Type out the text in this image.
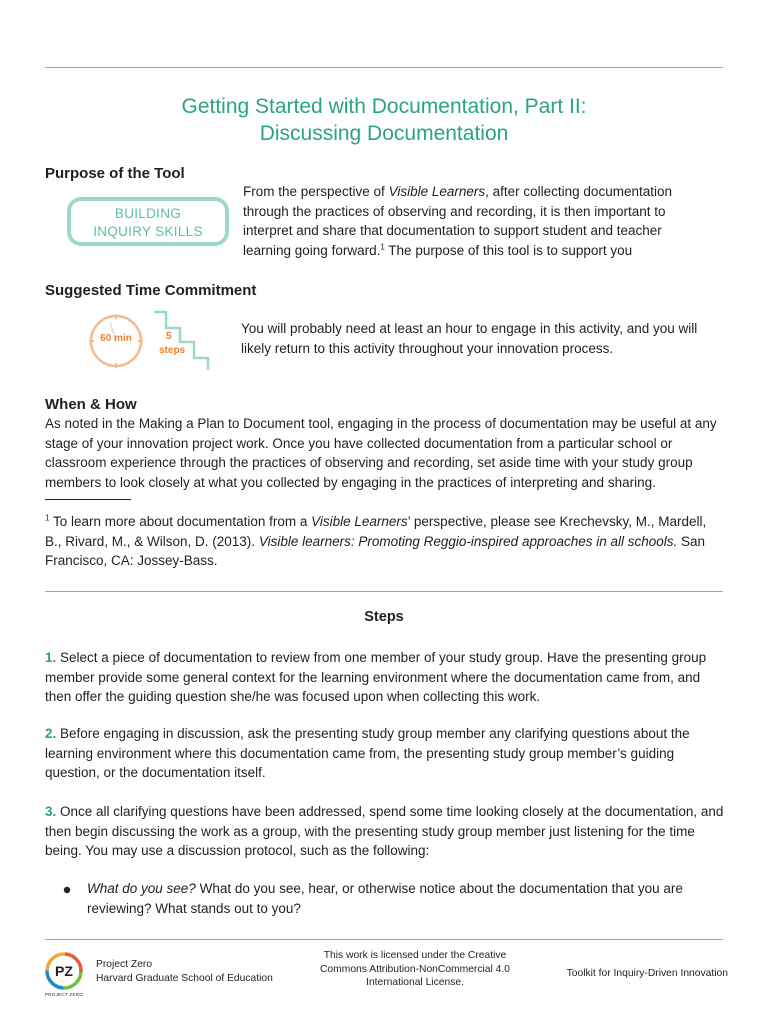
Getting Started with Documentation, Part II:
Discussing Documentation
Purpose of the Tool
BUILDING
INQUIRY SKILLS
From the perspective of Visible Learners, after collecting documentation through the practices of observing and recording, it is then important to interpret and share that documentation to support student and teacher learning going forward.$^1$ The purpose of this tool is to support you
Suggested Time Commitment
60 min	5
steps
You will probably need at least an hour to engage in this activity, and you will likely return to this activity throughout your innovation process.
When & How
As noted in the Making a Plan to Document tool, engaging in the process of documentation may be useful at any stage of your innovation project work. Once you have collected documentation from a particular school or classroom experience through the practices of observing and recording, set aside time with your study group members to look closely at what you collected by engaging in the practices of interpreting and sharing.
$^1$ To learn more about documentation from a Visible Learners’ perspective, please see Krechevsky, M., Mardell, B., Rivard, M., & Wilson, D. (2013). Visible learners: Promoting Reggio-inspired approaches in all schools. San Francisco, CA: Jossey-Bass.
Steps
1. Select a piece of documentation to review from one member of your study group. Have the presenting group member provide some general context for the learning environment where the documentation came from, and then offer the guiding question she/he was focused upon when collecting this work.
2. Before engaging in discussion, ask the presenting study group member any clarifying questions about the learning environment where this documentation came from, the presenting study group member’s guiding question, or the documentation itself.
3. Once all clarifying questions have been addressed, spend some time looking closely at the documentation, and then begin discussing the work as a group, with the presenting study group member just listening for the time being. You may use a discussion protocol, such as the following:
What do you see? What do you see, hear, or otherwise notice about the documentation that you are reviewing? What stands out to you?
PZ
PROJECT ZERO
Project Zero
Harvard Graduate School of Education
This work is licensed under the Creative Commons Attribution-NonCommercial 4.0 International License.
Toolkit for Inquiry-Driven Innovation
